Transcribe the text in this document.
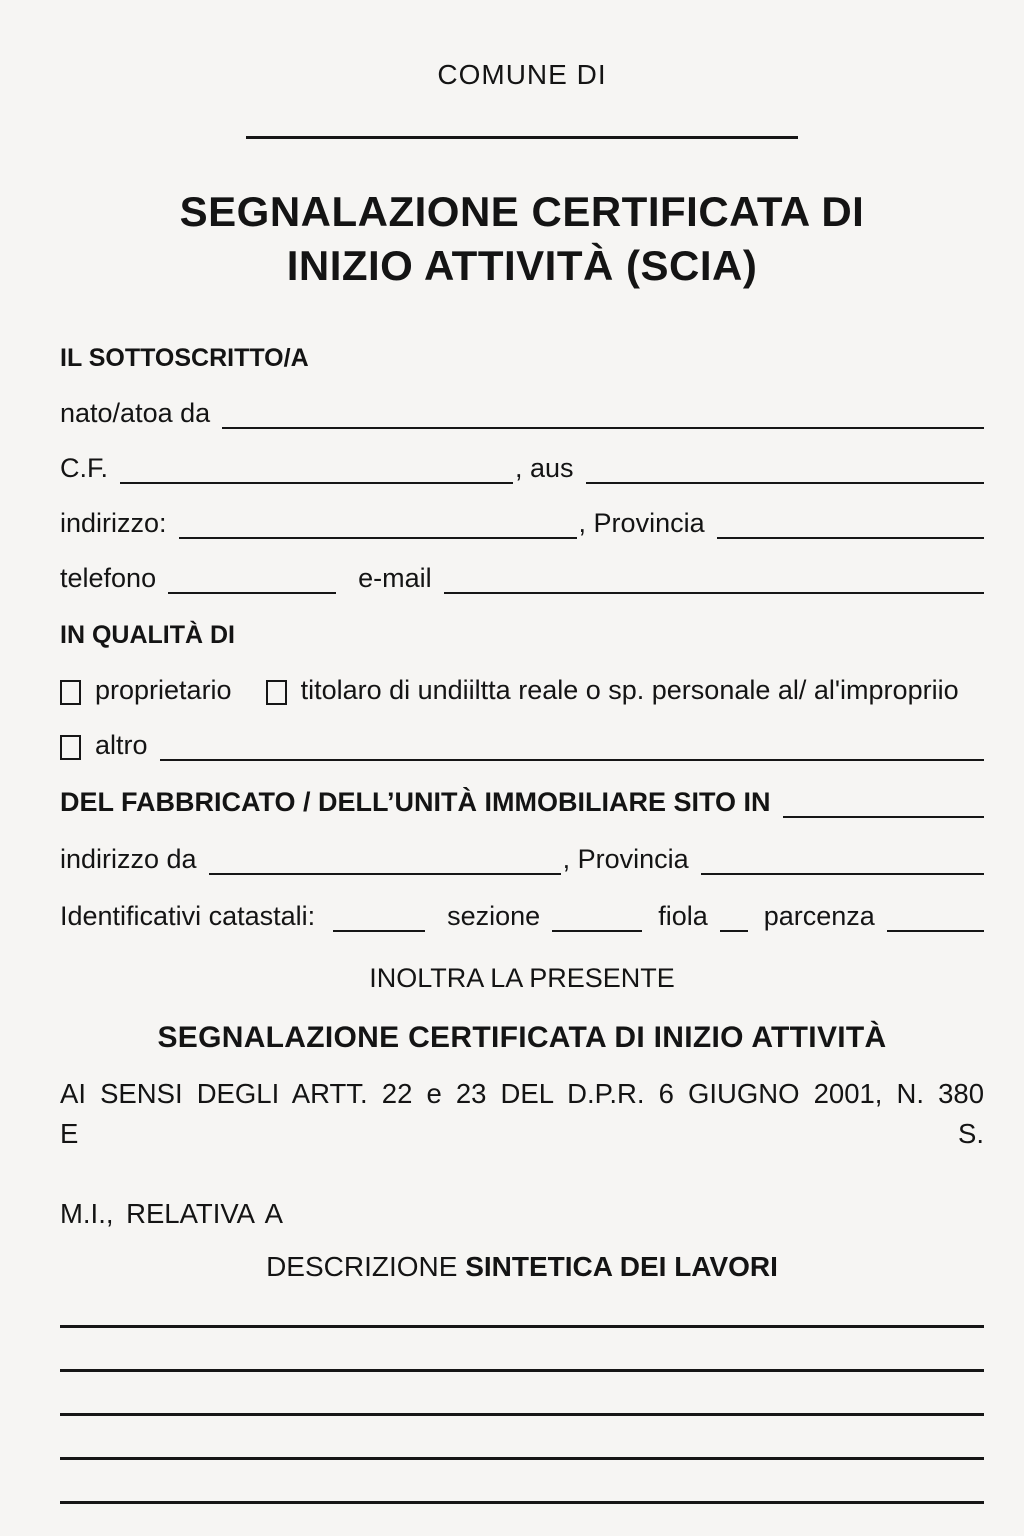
COMUNE DI
SEGNALAZIONE CERTIFICATA DI
INIZIO ATTIVITÀ (SCIA)
IL SOTTOSCRITTO/A
nato/atoa da
C.F.	, aus
indirizzo:	, Provincia
telefono	e-mail
IN QUALITÀ DI
proprietario	titolaro di undiiltta reale o sp. personale al/ al'impropriio
altro
DEL FABBRICATO / DELL’UNITÀ IMMOBILIARE SITO IN
indirizzo da	, Provincia
Identificativi catastali:	sezione	fiola parcenza
INOLTRA LA PRESENTE
SEGNALAZIONE CERTIFICATA DI INIZIO ATTIVITÀ
AI SENSI DEGLI ARTT. 22 e 23 DEL D.P.R. 6 GIUGNO 2001, N. 380 E S.
M.I., RELATIVA A
DESCRIZIONE SINTETICA DEI LAVORI
